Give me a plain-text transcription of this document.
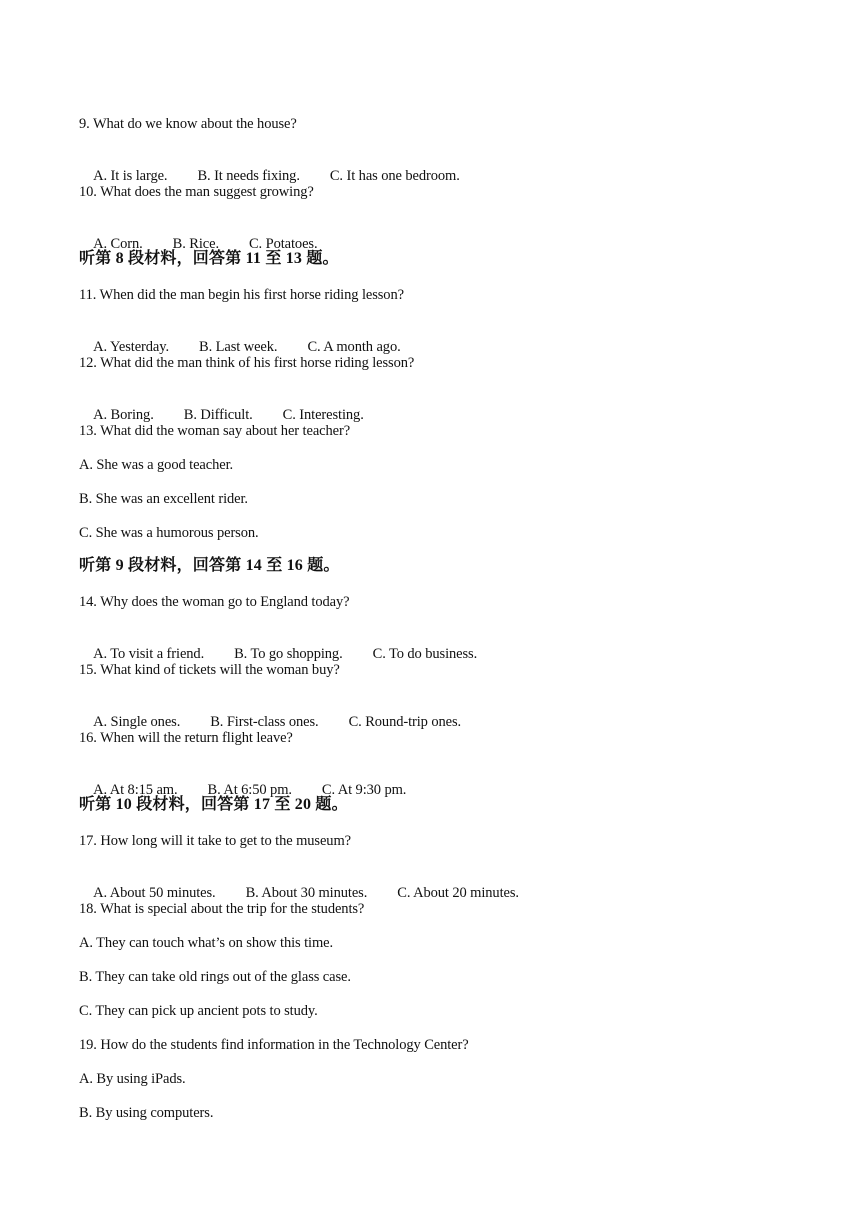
9. What do we know about the house?

A. It is large. B. It needs fixing. C. It has one bedroom.

10. What does the man suggest growing?

A. Corn. B. Rice. C. Potatoes.

听第 8 段材料，回答第 11 至 13 题。
11. When did the man begin his first horse riding lesson?

A. Yesterday. B. Last week. C. A month ago.

12. What did the man think of his first horse riding lesson?

A. Boring. B. Difficult. C. Interesting.

13. What did the woman say about her teacher?
A. She was a good teacher.
B. She was an excellent rider.
C. She was a humorous person.
听第 9 段材料，回答第 14 至 16 题。
14. Why does the woman go to England today?

A. To visit a friend. B. To go shopping. C. To do business.

15. What kind of tickets will the woman buy?

A. Single ones. B. First-class ones. C. Round-trip ones.

16. When will the return flight leave?

A. At 8:15 am. B. At 6:50 pm. C. At 9:30 pm.

听第 10 段材料，回答第 17 至 20 题。
17. How long will it take to get to the museum?

A. About 50 minutes. B. About 30 minutes. C. About 20 minutes.

18. What is special about the trip for the students?
A. They can touch what’s on show this time.
B. They can take old rings out of the glass case.
C. They can pick up ancient pots to study.
19. How do the students find information in the Technology Center?
A. By using iPads.
B. By using computers.
